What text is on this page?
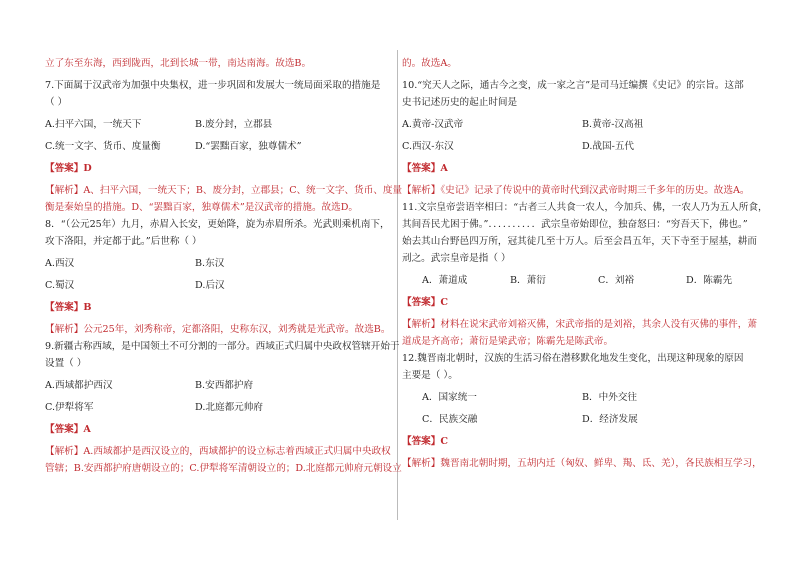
立了东至东海，西到陇西，北到长城一带，南达南海。故选B。

7.下面属于汉武帝为加强中央集权，进一步巩固和发展大一统局面采取的措施是

（ ）

A.扫平六国，一统天下	B.废分封，立郡县
C.统一文字、货币、度量衡	D.“罢黜百家，独尊儒术”

【答案】D

【解析】A、扫平六国，一统天下；B、废分封，立郡县；C、统一文字、货币、度量

衡是秦始皇的措施。D、“罢黜百家，独尊儒术”是汉武帝的措施。故选D。

8．“（公元25年）九月，赤眉入长安，更始降，旋为赤眉所杀。光武则乘机南下，

攻下洛阳，并定都于此。”后世称（ ）

A.西汉	B.东汉
C.蜀汉	D.后汉

【答案】B

【解析】公元25年，刘秀称帝，定都洛阳，史称东汉，刘秀就是光武帝。故选B。

9.新疆古称西域，是中国领土不可分割的一部分。西域正式归属中央政权管辖开始于

设置（ ）

A.西域都护西汉	B.安西都护府
C.伊犁将军	D.北庭都元帅府

【答案】A

【解析】A.西域都护是西汉设立的，西域都护的设立标志着西域正式归属中央政权

管辖；B.安西都护府唐朝设立的；C.伊犁将军清朝设立的；D.北庭都元帅府元朝设立

的。故选A。

10.“究天人之际，通古今之变，成一家之言”是司马迁编撰《史记》的宗旨。这部

史书记述历史的起止时间是

A.黄帝-汉武帝	B.黄帝-汉高祖
C.西汉-东汉	D.战国-五代

【答案】A

【解析】《史记》记录了传说中的黄帝时代到汉武帝时期三千多年的历史。故选A。

11.文宗皇帝尝语宰相曰：“古者三人共食一农人，今加兵、佛，一农人乃为五人所食，

其间吾民尤困于佛。”．．．．．．．．．．武宗皇帝始即位，独奋怒曰：“穷吾天下，佛也。”

始去其山台野邑四万所，冠其徒几至十万人。后至会昌五年，天下寺至于屋基，耕而

刓之。武宗皇帝是指（ ）

A．萧道成	B．萧衍	C．刘裕	D．陈霸先

【答案】C

【解析】材料在说宋武帝刘裕灭佛，宋武帝指的是刘裕，其余人没有灭佛的事件，萧

道成是齐高帝；萧衍是梁武帝；陈霸先是陈武帝。

12.魏晋南北朝时，汉族的生活习俗在潜移默化地发生变化，出现这种现象的原因

主要是（ ）。

A．国家统一	B．中外交往
C．民族交融	D．经济发展

【答案】C

【解析】魏晋南北朝时期，五胡内迁（匈奴、鲜卑、羯、氐、羌），各民族相互学习，
